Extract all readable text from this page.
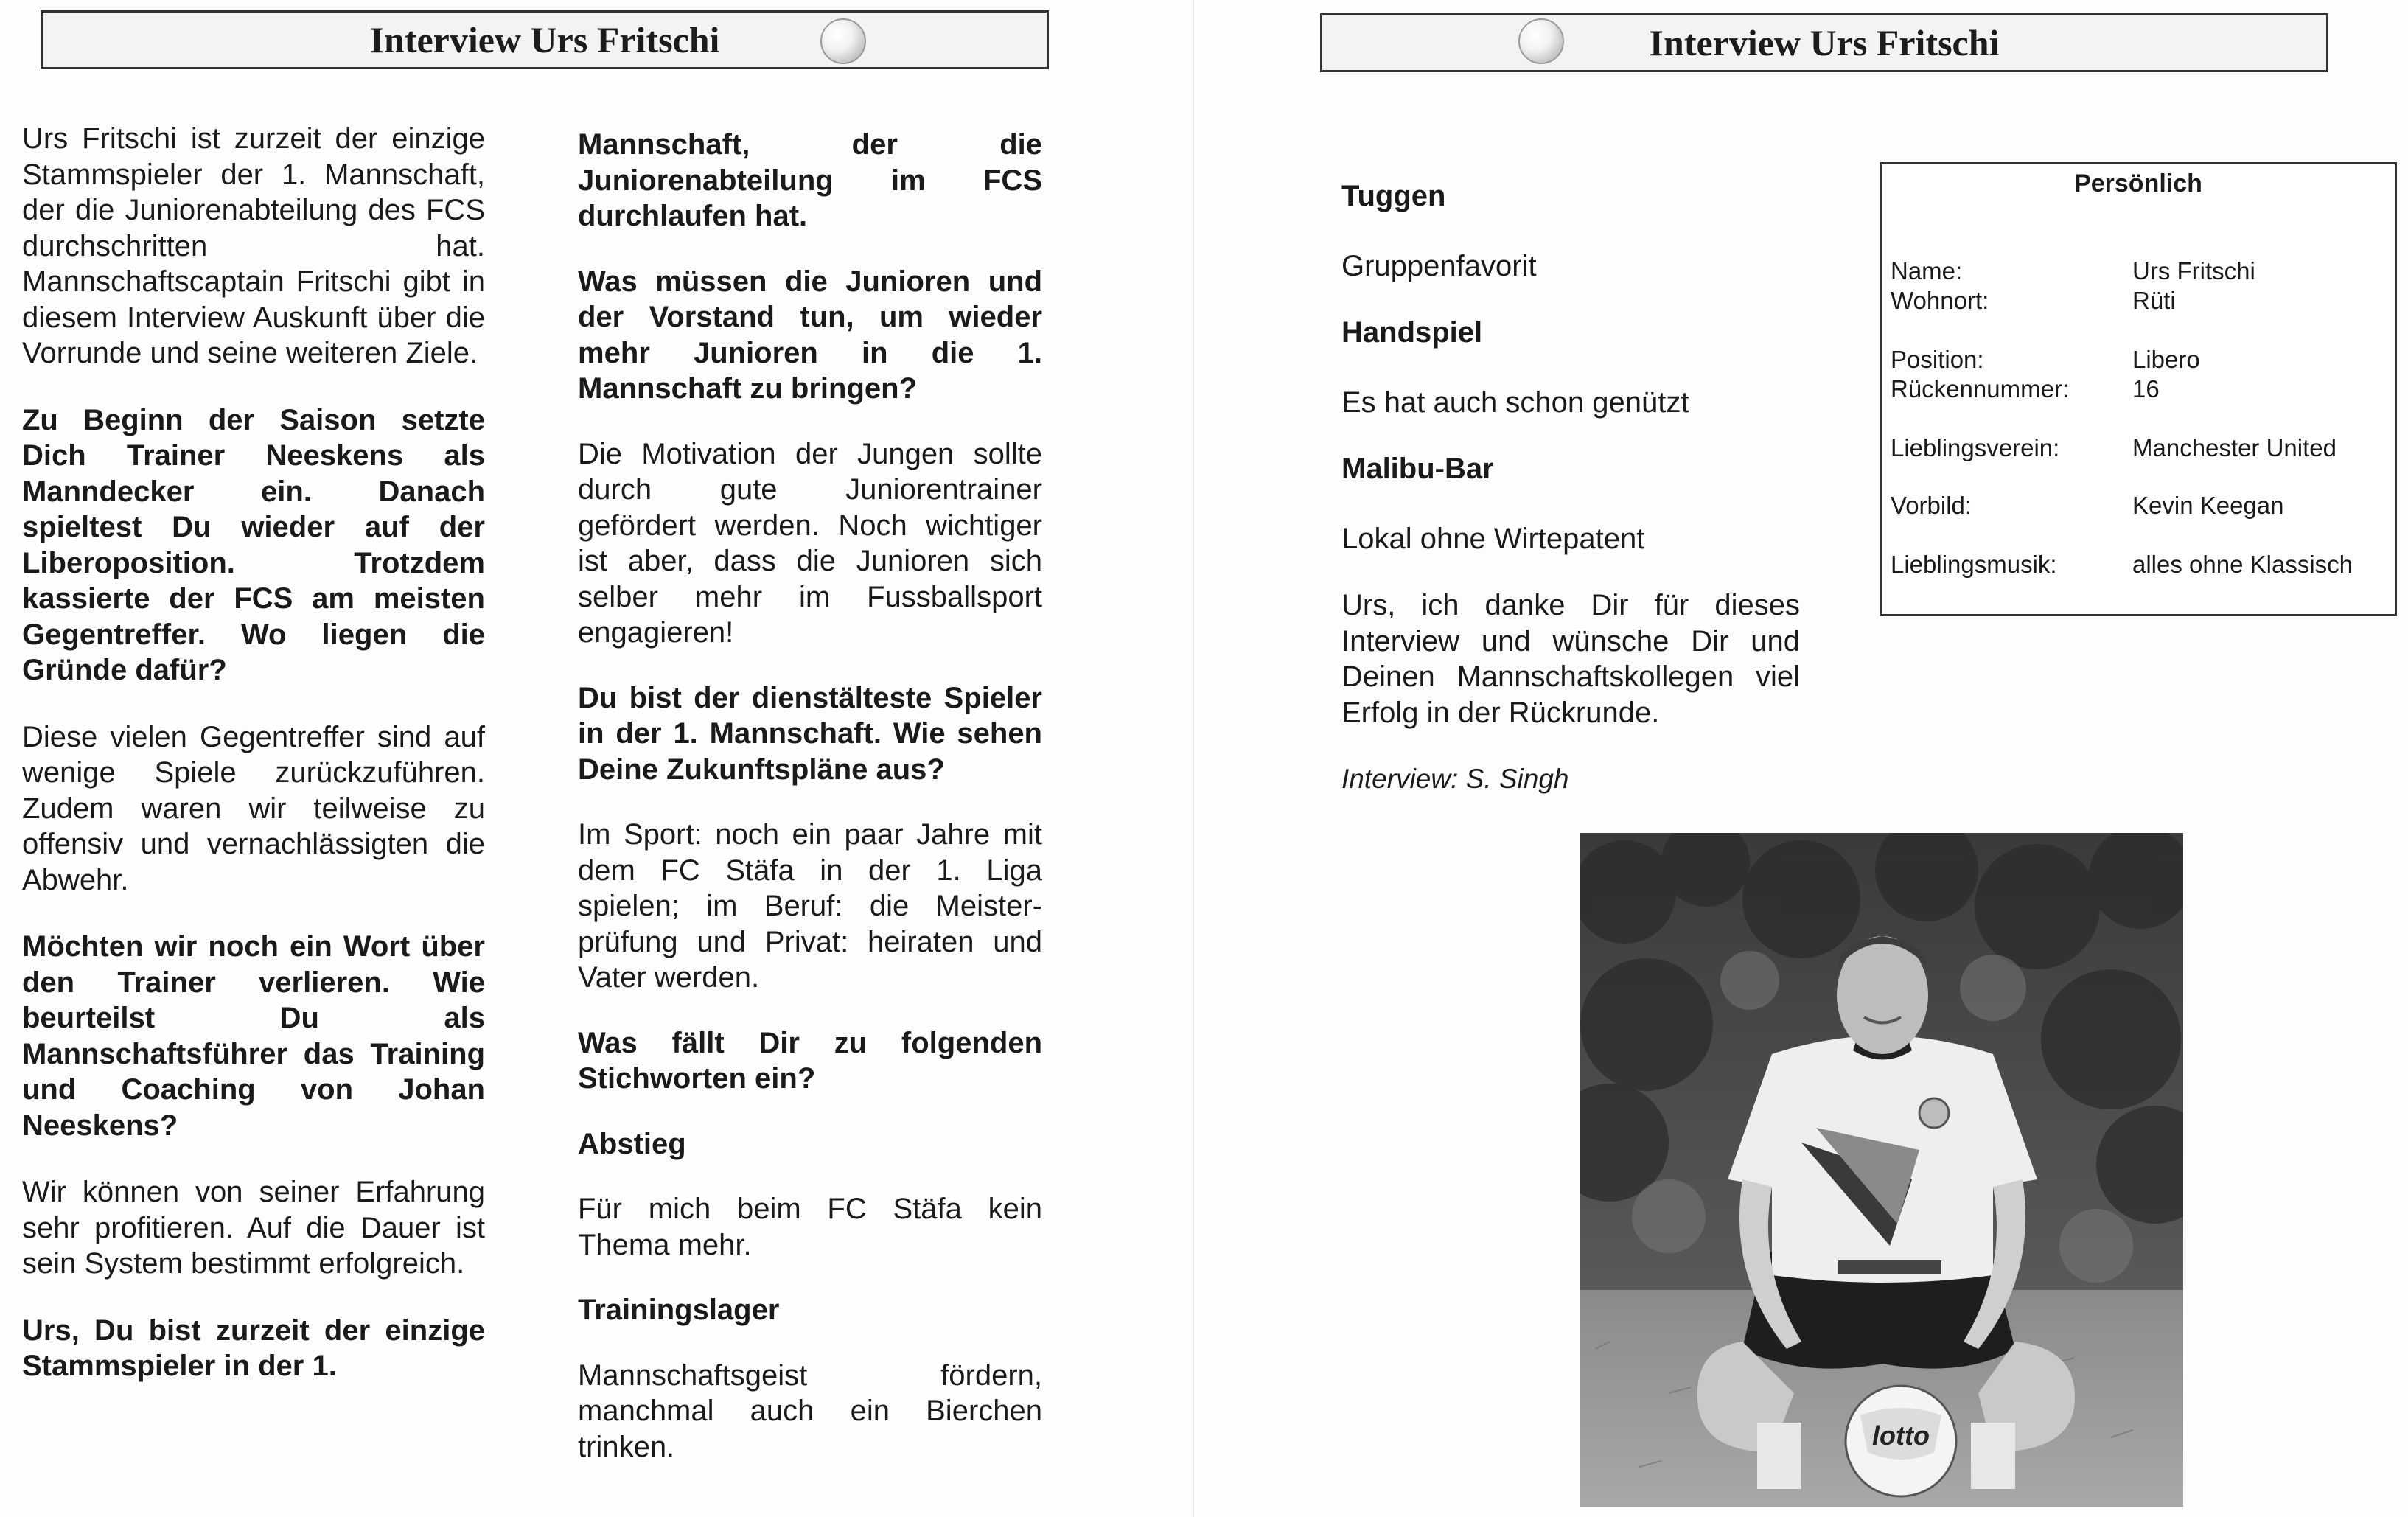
Interview Urs Fritschi

Urs Fritschi ist zurzeit der einzige Stammspieler der 1. Mannschaft, der die Juniorenabteilung des FCS durchschritten hat. Mannschaftscaptain Fritschi gibt in diesem Interview Auskunft über die Vorrunde und seine weiteren Ziele.

Zu Beginn der Saison setzte Dich Trainer Neeskens als Manndecker ein. Danach spieltest Du wieder auf der Liberoposition. Trotzdem kassierte der FCS am meisten Gegentreffer. Wo liegen die Gründe dafür?

Diese vielen Gegentreffer sind auf wenige Spiele zurückzuführen. Zudem waren wir teilweise zu offensiv und vernachlässigten die Abwehr.

Möchten wir noch ein Wort über den Trainer verlieren. Wie beurteilst Du als Mannschaftsführer das Training und Coaching von Johan Neeskens?

Wir können von seiner Erfahrung sehr profitieren. Auf die Dauer ist sein System bestimmt erfolgreich.

Urs, Du bist zurzeit der einzige Stammspieler in der 1.

Mannschaft, der die Juniorenabteilung im FCS durchlaufen hat.

Was müssen die Junioren und der Vorstand tun, um wieder mehr Junioren in die 1. Mannschaft zu bringen?

Die Motivation der Jungen sollte durch gute Juniorentrainer gefördert werden. Noch wichtiger ist aber, dass die Junioren sich selber mehr im Fussballsport engagieren!

Du bist der dienstälteste Spieler in der 1. Mannschaft. Wie sehen Deine Zukunftspläne aus?

Im Sport: noch ein paar Jahre mit dem FC Stäfa in der 1. Liga spielen; im Beruf: die Meister-prüfung und Privat: heiraten und Vater werden.

Was fällt Dir zu folgenden Stichworten ein?

Abstieg

Für mich beim FC Stäfa kein Thema mehr.

Trainingslager

Mannschaftsgeist fördern, manchmal auch ein Bierchen trinken.

Interview Urs Fritschi

Tuggen

Gruppenfavorit

Handspiel

Es hat auch schon genützt

Malibu-Bar

Lokal ohne Wirtepatent

Urs, ich danke Dir für dieses Interview und wünsche Dir und Deinen Mannschaftskollegen viel Erfolg in der Rückrunde.

Interview: S. Singh

Persönlich
Name:	Urs Fritschi
Wohnort:	Rüti
Position:	Libero
Rückennummer:	16
Lieblingsverein:	Manchester United
Vorbild:	Kevin Keegan
Lieblingsmusik:	alles ohne Klassisch
lotto
DEGGO AG
